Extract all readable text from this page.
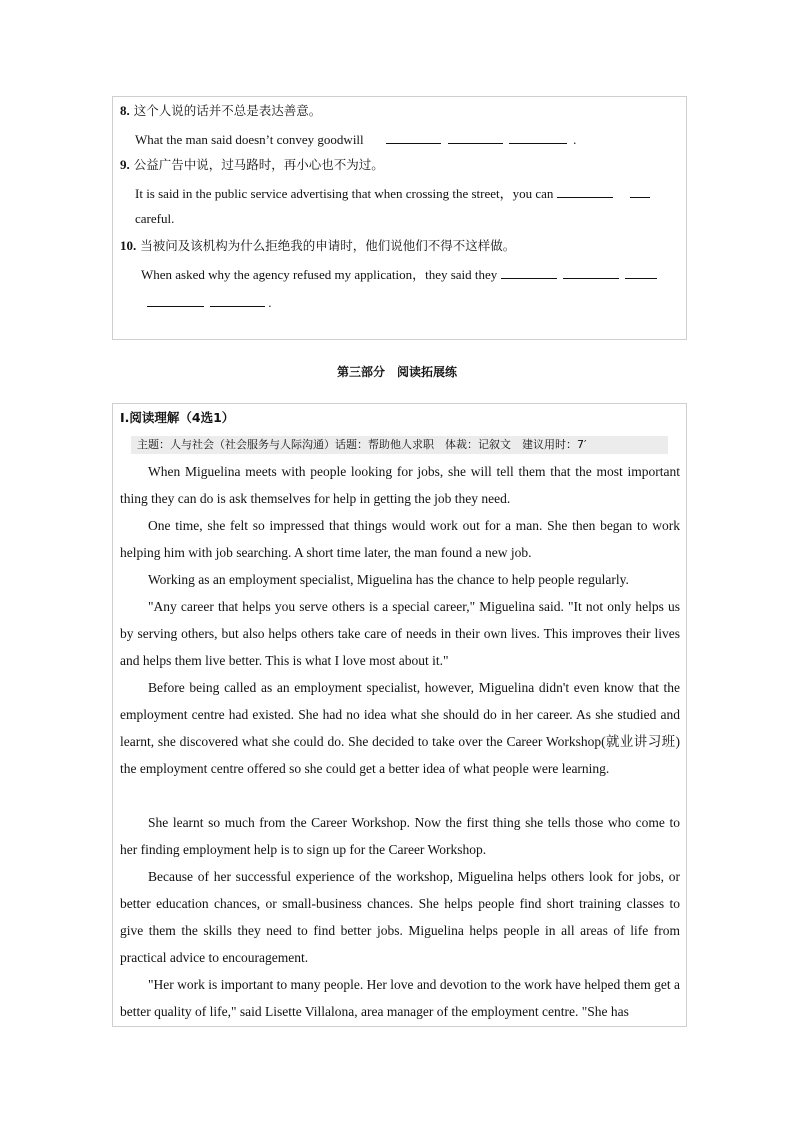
8. 这个人说的话并不总是表达善意。
What the man said doesn’t convey goodwill	.
9. 公益广告中说，过马路时，再小心也不为过。
It is said in the public service advertising that when crossing the street，you can
careful.
10. 当被问及该机构为什么拒绝我的申请时，他们说他们不得不这样做。
When asked why the agency refused my application，they said they
.
第三部分　阅读拓展练
Ⅰ.阅读理解（4选1）
主题：人与社会（社会服务与人际沟通）话题：帮助他人求职　体裁：记叙文　建议用时：7′

When Miguelina meets with people looking for jobs, she will tell them that the most important thing they can do is ask themselves for help in getting the job they need.

One time, she felt so impressed that things would work out for a man. She then began to work helping him with job searching. A short time later, the man found a new job.

Working as an employment specialist, Miguelina has the chance to help people regularly.

"Any career that helps you serve others is a special career," Miguelina said. "It not only helps us by serving others, but also helps others take care of needs in their own lives. This improves their lives and helps them live better. This is what I love most about it."

Before being called as an employment specialist, however, Miguelina didn't even know that the employment centre had existed. She had no idea what she should do in her career. As she studied and learnt, she discovered what she could do. She decided to take over the Career Workshop(就业讲习班) the employment centre offered so she could get a better idea of what people were learning.

She learnt so much from the Career Workshop. Now the first thing she tells those who come to her finding employment help is to sign up for the Career Workshop.

Because of her successful experience of the workshop, Miguelina helps others look for jobs, or better education chances, or small-business chances. She helps people find short training classes to give them the skills they need to find better jobs. Miguelina helps people in all areas of life from practical advice to encouragement.

"Her work is important to many people. Her love and devotion to the work have helped them get a better quality of life," said Lisette Villalona, area manager of the employment centre. "She has
